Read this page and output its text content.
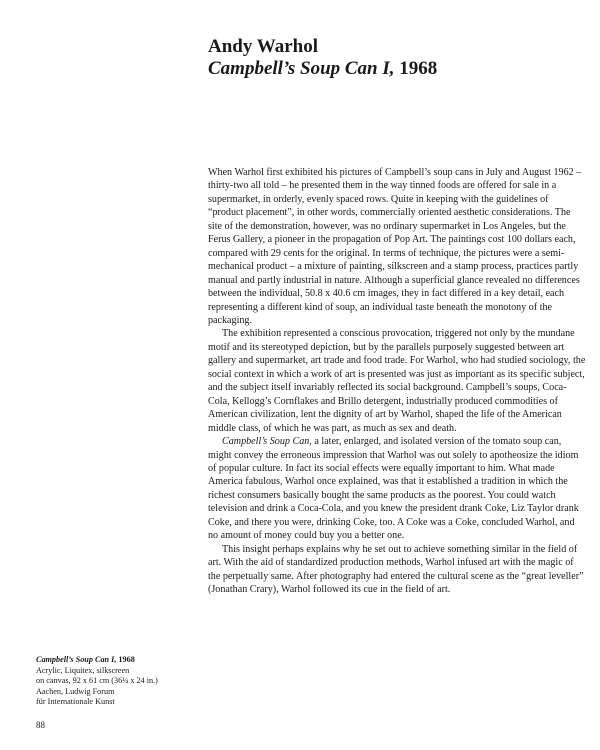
Andy Warhol
Campbell’s Soup Can I, 1968

When Warhol first exhibited his pictures of Campbell’s soup cans in July and August 1962 – thirty-two all told – he presented them in the way tinned foods are offered for sale in a supermarket, in orderly, evenly spaced rows. Quite in keeping with the guidelines of “product placement”, in other words, commercially oriented aesthetic considerations. The site of the demonstration, however, was no ordinary supermarket in Los Angeles, but the Ferus Gallery, a pioneer in the propagation of Pop Art. The paintings cost 100 dollars each, compared with 29 cents for the original. In terms of technique, the pictures were a semi-mechanical product – a mixture of painting, silkscreen and a stamp process, practices partly manual and partly industrial in nature. Although a superficial glance revealed no differences between the individual, 50.8 x 40.6 cm images, they in fact differed in a key detail, each representing a different kind of soup, an individual taste beneath the monotony of the packaging.

The exhibition represented a conscious provocation, triggered not only by the mundane motif and its stereotyped depiction, but by the parallels purposely suggested between art gallery and supermarket, art trade and food trade. For Warhol, who had studied sociology, the social context in which a work of art is presented was just as important as its specific subject, and the subject itself invariably reflected its social background. Campbell’s soups, Coca-Cola, Kellogg’s Cornflakes and Brillo detergent, industrially produced commodities of American civilization, lent the dignity of art by Warhol, shaped the life of the American middle class, of which he was part, as much as sex and death.

Campbell’s Soup Can, a later, enlarged, and isolated version of the tomato soup can, might convey the erroneous impression that Warhol was out solely to apotheosize the idiom of popular culture. In fact its social effects were equally important to him. What made America fabulous, Warhol once explained, was that it established a tradition in which the richest consumers basically bought the same products as the poorest. You could watch television and drink a Coca-Cola, and you knew the president drank Coke, Liz Taylor drank Coke, and there you were, drinking Coke, too. A Coke was a Coke, concluded Warhol, and no amount of money could buy you a better one.

This insight perhaps explains why he set out to achieve something similar in the field of art. With the aid of standardized production methods, Warhol infused art with the magic of the perpetually same. After photography had entered the cultural scene as the “great leveller” (Jonathan Crary), Warhol followed its cue in the field of art.

Campbell’s Soup Can I, 1968
Acrylic, Liquitex, silkscreen
on canvas, 92 x 61 cm (36¼ x 24 in.)
Aachen, Ludwig Forum
für Internationale Kunst
88
